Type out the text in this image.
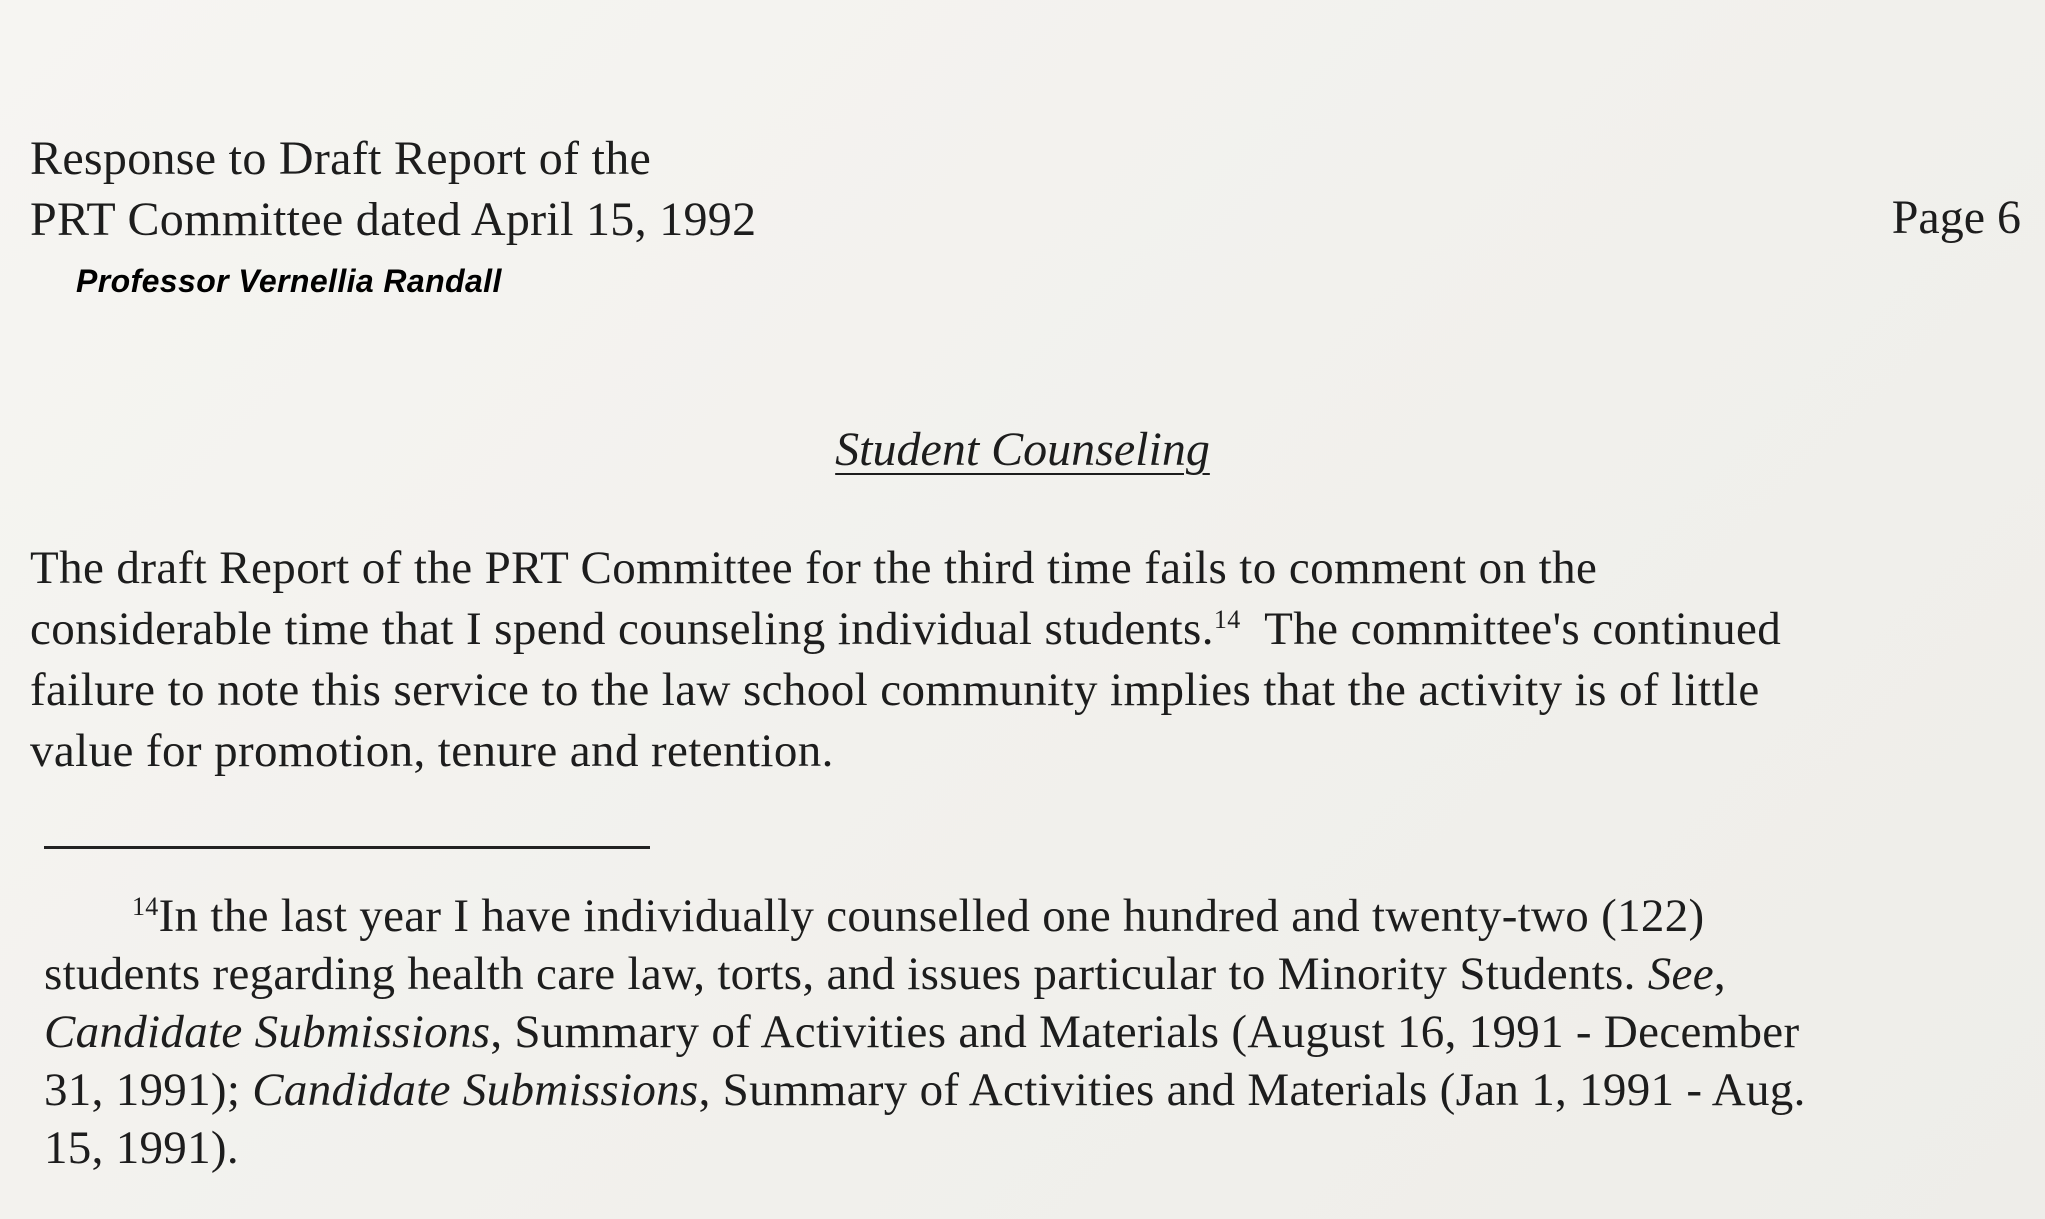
Response to Draft Report of the
PRT Committee dated April 15, 1992	Page 6
Professor Vernellia Randall
Student Counseling
The draft Report of the PRT Committee for the third time fails to comment on the
considerable time that I spend counseling individual students.$^{14}$  The committee's continued
failure to note this service to the law school community implies that the activity is of little
value for promotion, tenure and retention.
$^{14}$In the last year I have individually counselled one hundred and twenty-two (122)
students regarding health care law, torts, and issues particular to Minority Students. See,
Candidate Submissions, Summary of Activities and Materials (August 16, 1991 - December
31, 1991); Candidate Submissions, Summary of Activities and Materials (Jan 1, 1991 - Aug.
15, 1991).
